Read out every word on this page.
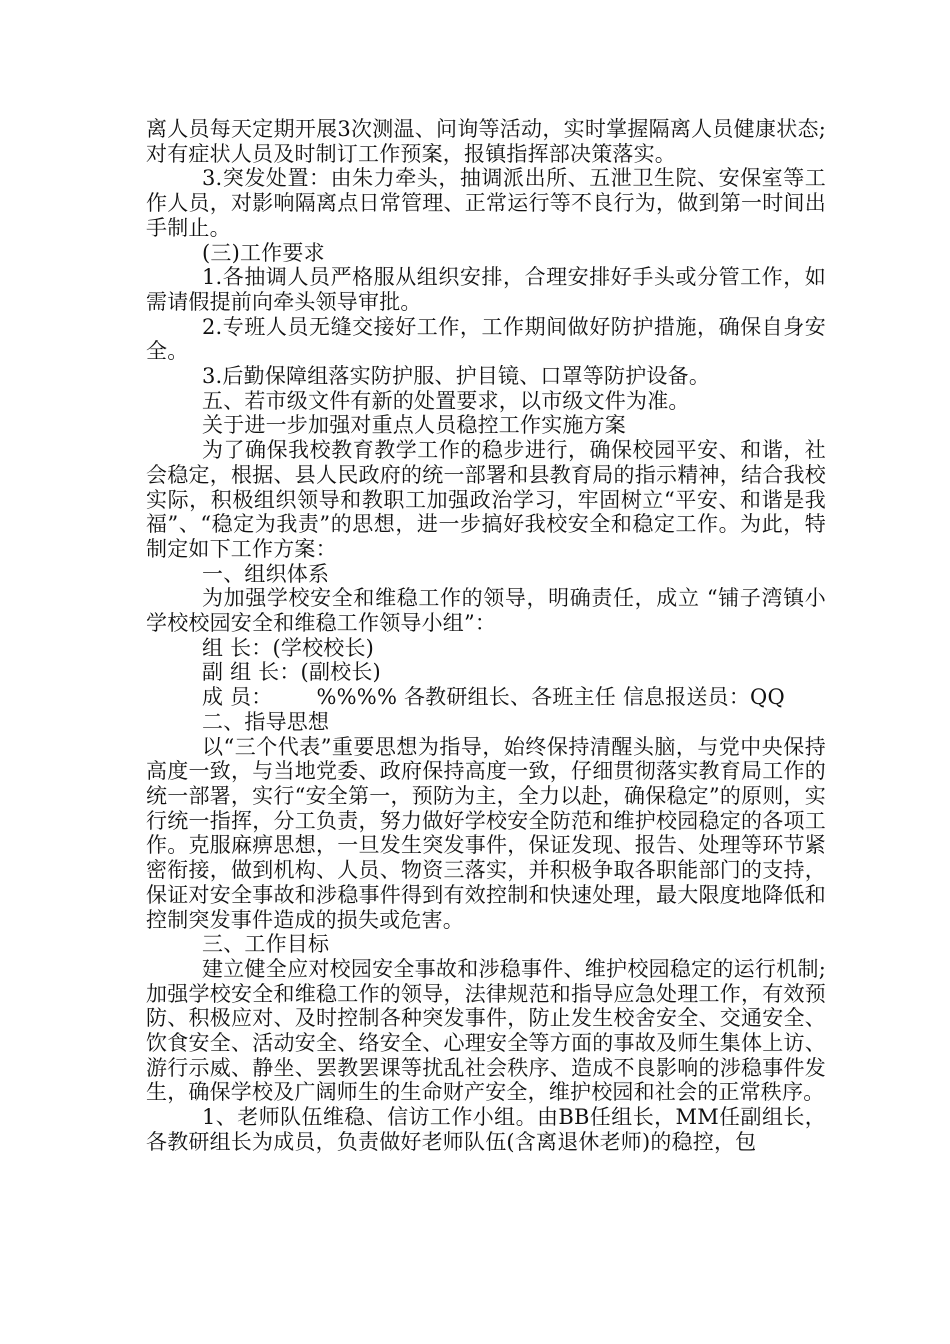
离人员每天定期开展3次测温、问询等活动，实时掌握隔离人员健康状态;对有症状人员及时制订工作预案，报镇指挥部决策落实。

3.突发处置：由朱力牵头，抽调派出所、五泄卫生院、安保室等工作人员，对影响隔离点日常管理、正常运行等不良行为，做到第一时间出手制止。

(三)工作要求

1.各抽调人员严格服从组织安排，合理安排好手头或分管工作，如需请假提前向牵头领导审批。

2.专班人员无缝交接好工作，工作期间做好防护措施，确保自身安全。

3.后勤保障组落实防护服、护目镜、口罩等防护设备。

五、若市级文件有新的处置要求，以市级文件为准。

关于进一步加强对重点人员稳控工作实施方案

为了确保我校教育教学工作的稳步进行，确保校园平安、和谐，社会稳定，根据、县人民政府的统一部署和县教育局的指示精神，结合我校实际，积极组织领导和教职工加强政治学习，牢固树立“平安、和谐是我福”、“稳定为我责”的思想，进一步搞好我校安全和稳定工作。为此，特制定如下工作方案：

一、组织体系

为加强学校安全和维稳工作的领导，明确责任，成立 “铺子湾镇小学校校园安全和维稳工作领导小组”：

组 长：(学校校长)

副 组 长：(副校长)

成 员： %%%% 各教研组长、各班主任 信息报送员：QQ

二、指导思想

以“三个代表”重要思想为指导，始终保持清醒头脑，与党中央保持高度一致，与当地党委、政府保持高度一致，仔细贯彻落实教育局工作的统一部署，实行“安全第一，预防为主，全力以赴，确保稳定”的原则，实行统一指挥，分工负责，努力做好学校安全防范和维护校园稳定的各项工作。克服麻痹思想，一旦发生突发事件，保证发现、报告、处理等环节紧密衔接，做到机构、人员、物资三落实，并积极争取各职能部门的支持，保证对安全事故和涉稳事件得到有效控制和快速处理，最大限度地降低和控制突发事件造成的损失或危害。

三、工作目标

建立健全应对校园安全事故和涉稳事件、维护校园稳定的运行机制;加强学校安全和维稳工作的领导，法律规范和指导应急处理工作，有效预防、积极应对、及时控制各种突发事件，防止发生校舍安全、交通安全、饮食安全、活动安全、络安全、心理安全等方面的事故及师生集体上访、游行示威、静坐、罢教罢课等扰乱社会秩序、造成不良影响的涉稳事件发生，确保学校及广阔师生的生命财产安全，维护校园和社会的正常秩序。

1、老师队伍维稳、信访工作小组。由BB任组长，MM任副组长，各教研组长为成员，负责做好老师队伍(含离退休老师)的稳控，包
